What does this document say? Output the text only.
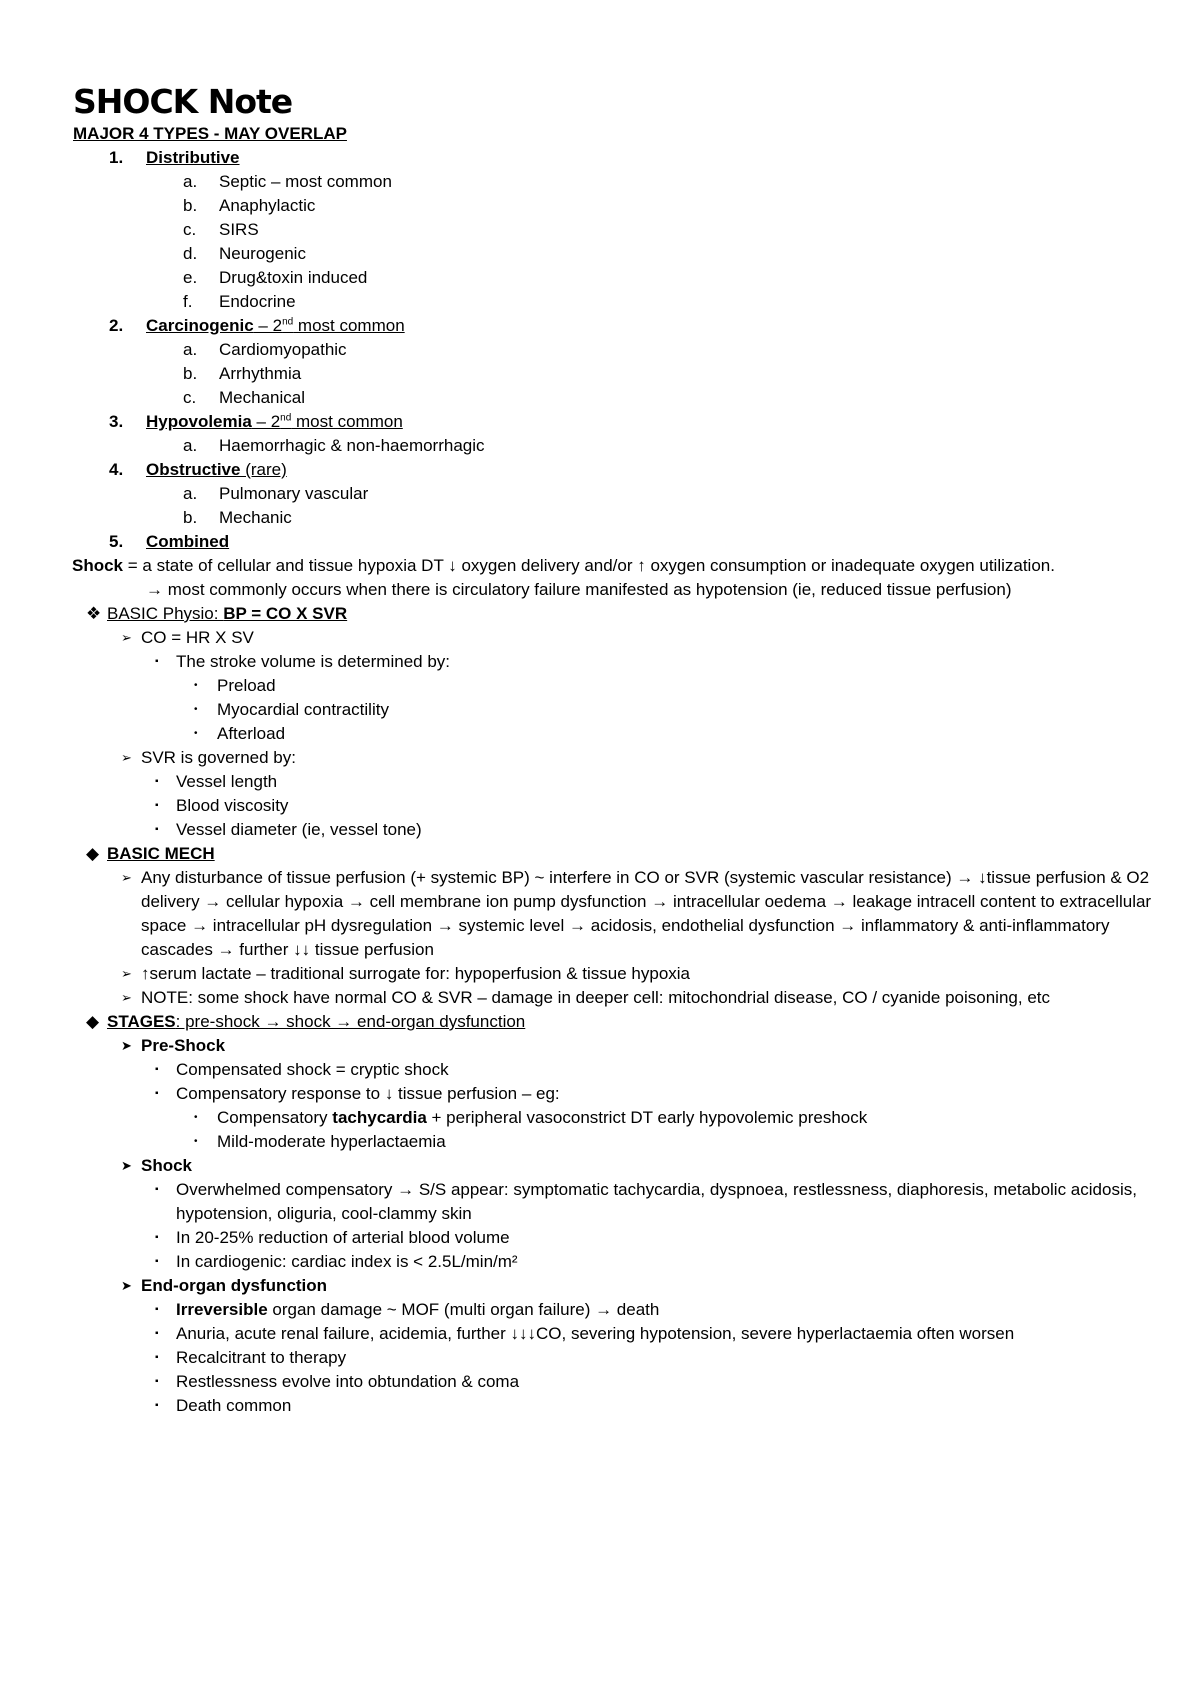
SHOCK Note
MAJOR 4 TYPES - MAY OVERLAP
1. Distributive
a. Septic – most common
b. Anaphylactic
c. SIRS
d. Neurogenic
e. Drug&toxin induced
f. Endocrine
2. Carcinogenic – 2nd most common
a. Cardiomyopathic
b. Arrhythmia
c. Mechanical
3. Hypovolemia – 2nd most common
a. Haemorrhagic & non-haemorrhagic
4. Obstructive (rare)
a. Pulmonary vascular
b. Mechanic
5. Combined
Shock = a state of cellular and tissue hypoxia DT ↓ oxygen delivery and/or ↑ oxygen consumption or inadequate oxygen utilization.
→ most commonly occurs when there is circulatory failure manifested as hypotension (ie, reduced tissue perfusion)
❖ BASIC Physio: BP = CO X SVR
➢ CO = HR X SV
▪ The stroke volume is determined by:
• Preload
• Myocardial contractility
• Afterload
➢ SVR is governed by:
▪ Vessel length
▪ Blood viscosity
▪ Vessel diameter (ie, vessel tone)
◆ BASIC MECH
➢ Any disturbance of tissue perfusion (+ systemic BP) ~ interfere in CO or SVR (systemic vascular resistance) → ↓tissue perfusion & O2 delivery → cellular hypoxia → cell membrane ion pump dysfunction → intracellular oedema → leakage intracell content to extracellular space → intracellular pH dysregulation → systemic level → acidosis, endothelial dysfunction → inflammatory & anti-inflammatory cascades → further ↓↓ tissue perfusion
➢ ↑serum lactate – traditional surrogate for: hypoperfusion & tissue hypoxia
➢ NOTE: some shock have normal CO & SVR – damage in deeper cell: mitochondrial disease, CO / cyanide poisoning, etc
◆ STAGES: pre-shock → shock → end-organ dysfunction
➤ Pre-Shock
▪ Compensated shock = cryptic shock
▪ Compensatory response to ↓ tissue perfusion – eg:
• Compensatory tachycardia + peripheral vasoconstrict DT early hypovolemic preshock
• Mild-moderate hyperlactaemia
➤ Shock
▪ Overwhelmed compensatory → S/S appear: symptomatic tachycardia, dyspnoea, restlessness, diaphoresis, metabolic acidosis, hypotension, oliguria, cool-clammy skin
▪ In 20-25% reduction of arterial blood volume
▪ In cardiogenic: cardiac index is < 2.5L/min/m²
➤ End-organ dysfunction
▪ Irreversible organ damage ~ MOF (multi organ failure) → death
▪ Anuria, acute renal failure, acidemia, further ↓↓↓CO, severing hypotension, severe hyperlactaemia often worsen
▪ Recalcitrant to therapy
▪ Restlessness evolve into obtundation & coma
▪ Death common
